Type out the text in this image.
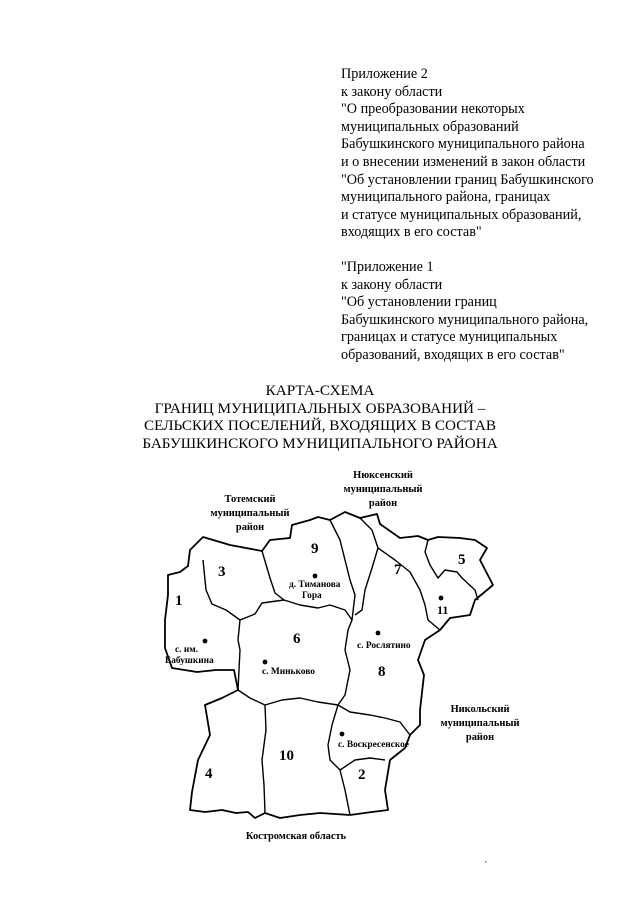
Приложение 2
к закону области
"О преобразовании некоторых
муниципальных образований
Бабушкинского муниципального района
и о внесении изменений в закон области
"Об установлении границ Бабушкинского
муниципального района, границах
и статусе муниципальных образований,
входящих в его состав"
"Приложение 1
к закону области
"Об установлении границ
Бабушкинского муниципального района,
границах и статусе муниципальных
образований, входящих в его состав"
КАРТА-СХЕМА
ГРАНИЦ МУНИЦИПАЛЬНЫХ ОБРАЗОВАНИЙ –
СЕЛЬСКИХ ПОСЕЛЕНИЙ, ВХОДЯЩИХ В СОСТАВ
БАБУШКИНСКОГО МУНИЦИПАЛЬНОГО РАЙОНА
1
2
3
4
5
6
7
8
9
10
11
д. Тиманова
Гора
с. им.
Бабушкина
с. Миньково
с. Рослятино
с. Воскресенское
Тотемский
муниципальный
район
Нюксенский
муниципальный
район
Никольский
муниципальный
район
Костромская область
